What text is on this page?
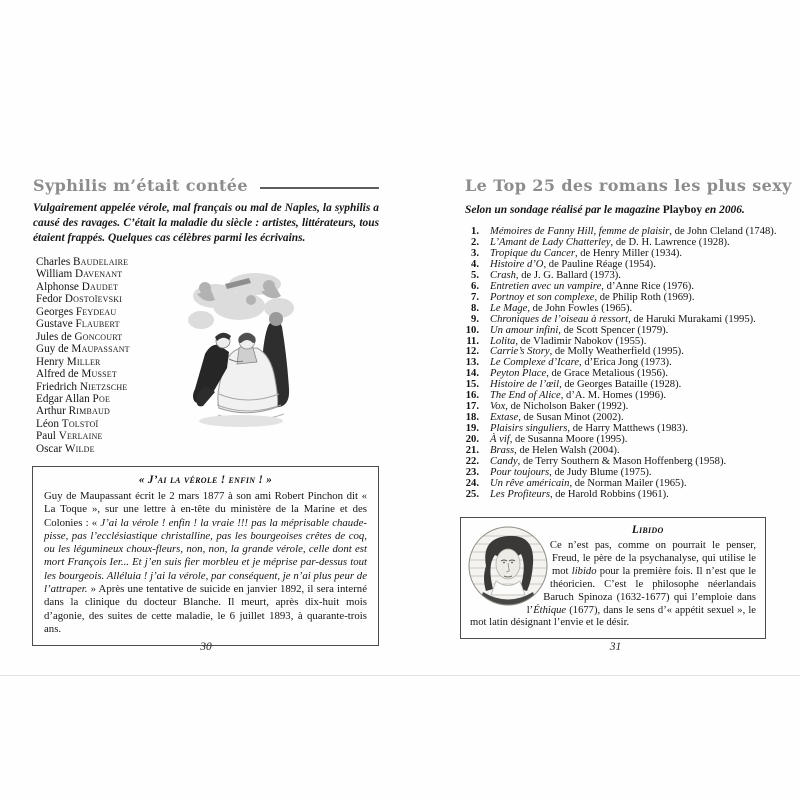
Syphilis m’était contée

Vulgairement appelée vérole, mal français ou mal de Naples, la syphilis a causé des ravages. C’était la maladie du siècle : artistes, littérateurs, tous étaient frappés. Quelques cas célèbres parmi les écrivains.

Charles Baudelaire
William Davenant
Alphonse Daudet
Fedor Dostoïevski
Georges Feydeau
Gustave Flaubert
Jules de Goncourt
Guy de Maupassant
Henry Miller
Alfred de Musset
Friedrich Nietzsche
Edgar Allan Poe
Arthur Rimbaud
Léon Tolstoï
Paul Verlaine
Oscar Wilde

« J’ai la vérole ! enfin ! »

Guy de Maupassant écrit le 2 mars 1877 à son ami Robert Pinchon dit « La Toque », sur une lettre à en-tête du ministère de la Marine et des Colonies : « J’ai la vérole ! enfin ! la vraie !!! pas la méprisable chaude-pisse, pas l’ecclésiastique christalline, pas les bourgeoises crêtes de coq, ou les légumineux choux-fleurs, non, non, la grande vérole, celle dont est mort François Ier... Et j’en suis fier morbleu et je méprise par-dessus tout les bourgeois. Alléluia ! j’ai la vérole, par conséquent, je n’ai plus peur de l’attraper. » Après une tentative de suicide en janvier 1892, il sera interné dans la clinique du docteur Blanche. Il meurt, après dix-huit mois d’agonie, des suites de cette maladie, le 6 juillet 1893, à quarante-trois ans.

30
Le Top 25 des romans les plus sexy

Selon un sondage réalisé par le magazine Playboy en 2006.

1. Mémoires de Fanny Hill, femme de plaisir, de John Cleland (1748).
2. L’Amant de Lady Chatterley, de D. H. Lawrence (1928).
3. Tropique du Cancer, de Henry Miller (1934).
4. Histoire d’O, de Pauline Réage (1954).
5. Crash, de J. G. Ballard (1973).
6. Entretien avec un vampire, d’Anne Rice (1976).
7. Portnoy et son complexe, de Philip Roth (1969).
8. Le Mage, de John Fowles (1965).
9. Chroniques de l’oiseau à ressort, de Haruki Murakami (1995).
10. Un amour infini, de Scott Spencer (1979).
11. Lolita, de Vladimir Nabokov (1955).
12. Carrie’s Story, de Molly Weatherfield (1995).
13. Le Complexe d’Icare, d’Erica Jong (1973).
14. Peyton Place, de Grace Metalious (1956).
15. Histoire de l’œil, de Georges Bataille (1928).
16. The End of Alice, d’A. M. Homes (1996).
17. Vox, de Nicholson Baker (1992).
18. Extase, de Susan Minot (2002).
19. Plaisirs singuliers, de Harry Matthews (1983).
20. À vif, de Susanna Moore (1995).
21. Brass, de Helen Walsh (2004).
22. Candy, de Terry Southern & Mason Hoffenberg (1958).
23. Pour toujours, de Judy Blume (1975).
24. Un rêve américain, de Norman Mailer (1965).
25. Les Profiteurs, de Harold Robbins (1961).

Libido

Ce n’est pas, comme on pourrait le penser, Freud, le père de la psychanalyse, qui utilise le mot libido pour la première fois. Il n’est que le théoricien. C’est le philosophe néerlandais Baruch Spinoza (1632-1677) qui l’emploie dans l’Éthique (1677), dans le sens d’« appétit sexuel », le mot latin désignant l’envie et le désir.

31
